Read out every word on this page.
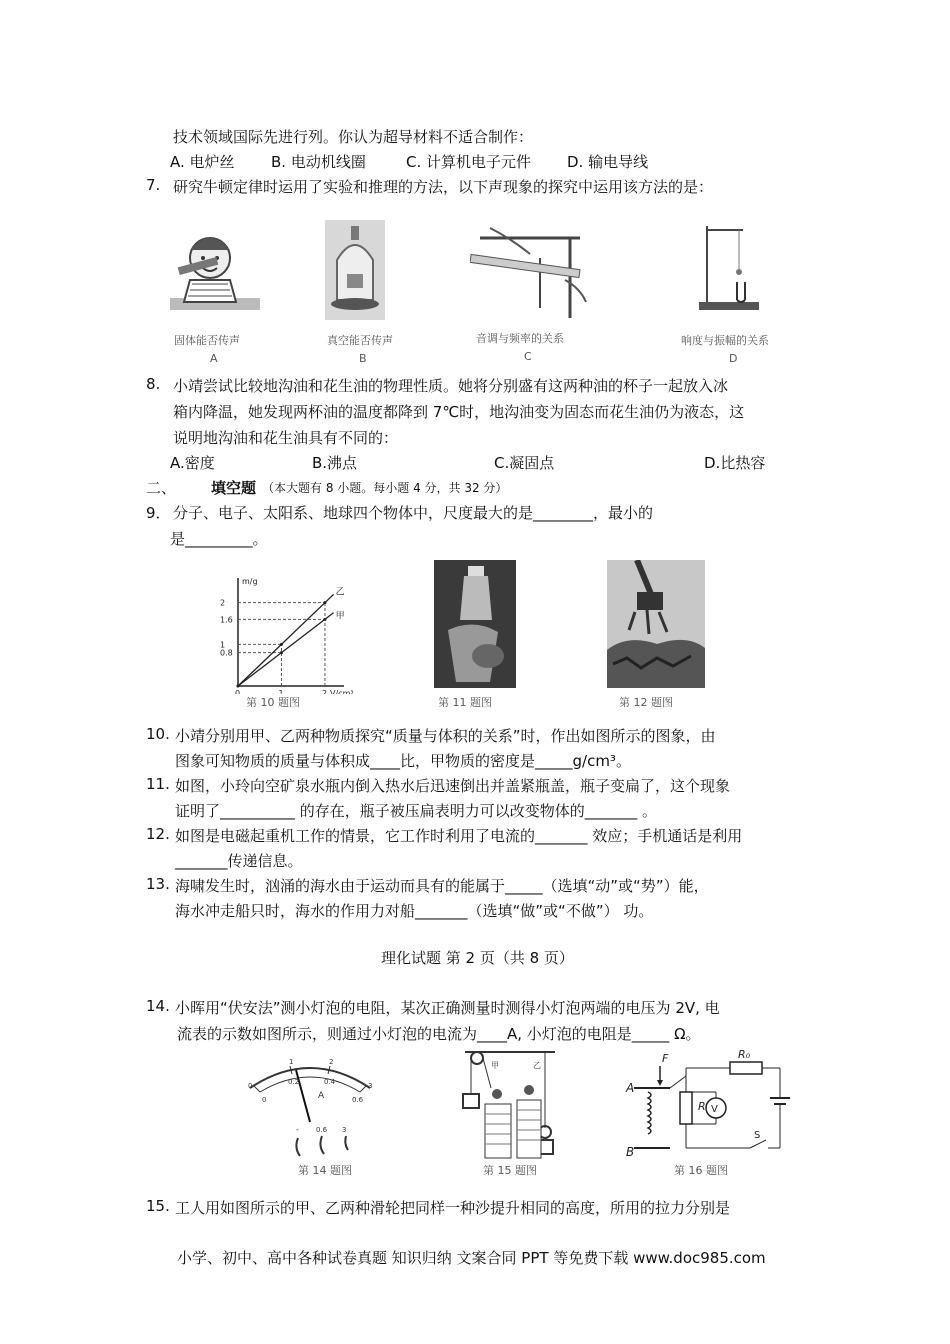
技术领域国际先进行列。你认为超导材料不适合制作：
A. 电炉丝 B. 电动机线圈	C. 计算机电子元件 D. 输电导线
7. 研究牛顿定律时运用了实验和推理的方法，以下声现象的探究中运用该方法的是：
固体能否传声
A
真空能否传声
B
音调与频率的关系
C
响度与振幅的关系
D
8. 小靖尝试比较地沟油和花生油的物理性质。她将分别盛有这两种油的杯子一起放入冰
箱内降温，她发现两杯油的温度都降到 7℃时，地沟油变为固态而花生油仍为液态，这
说明地沟油和花生油具有不同的：
A.密度	B.沸点	C.凝固点	D.比热容
二、 填空题 （本大题有 8 小题。每小题 4 分，共 32 分）
9． 分子、电子、太阳系、地球四个物体中，尺度最大的是________，最小的
是_________。
m/g
V/cm³
0.8
1
1.6
2
0	1	2
甲
乙
第 10 题图	第 11 题图	第 12 题图
10. 小靖分别用甲、乙两种物质探究“质量与体积的关系”时，作出如图所示的图象，由
图象可知物质的质量与体积成____比，甲物质的密度是_____g/cm³。
11. 如图，小玲向空矿泉水瓶内倒入热水后迅速倒出并盖紧瓶盖，瓶子变扁了，这个现象
证明了__________ 的存在，瓶子被压扁表明力可以改变物体的_______ 。
12. 如图是电磁起重机工作的情景，它工作时利用了电流的_______ 效应；手机通话是利用
_______传递信息。
13. 海啸发生时，汹涌的海水由于运动而具有的能属于_____（选填“动”或“势”）能，
海水冲走船只时，海水的作用力对船_______（选填“做”或“不做”） 功。
理化试题 第 2 页（共 8 页）
14. 小晖用“伏安法”测小灯泡的电阻，某次正确测量时测得小灯泡两端的电压为 2V, 电
流表的示数如图所示，则通过小灯泡的电流为____A, 小灯泡的电阻是_____ Ω。
0
1	2
3
0
0.2	0.4
0.6
A
- 0.6 3
第 14 题图
甲	乙
第 15 题图
A
B
F
R
R₀
V
S
第 16 题图
15. 工人用如图所示的甲、乙两种滑轮把同样一种沙提升相同的高度，所用的拉力分别是
小学、初中、高中各种试卷真题 知识归纳 文案合同 PPT 等免费下载 www.doc985.com
